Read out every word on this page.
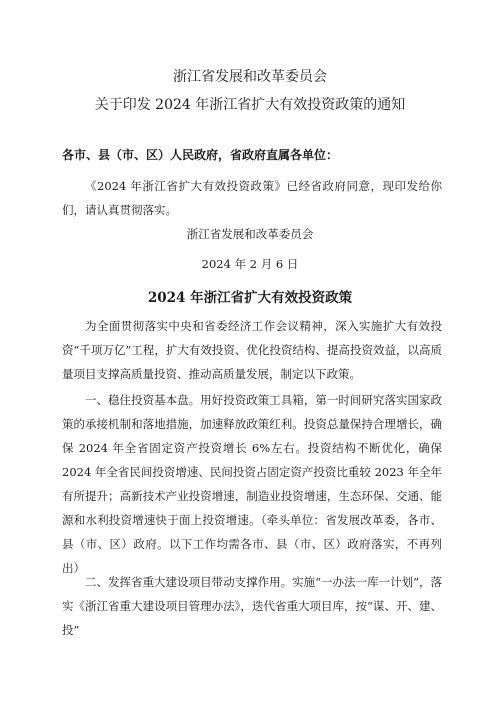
浙江省发展和改革委员会
关于印发 2024 年浙江省扩大有效投资政策的通知
各市、县（市、区）人民政府，省政府直属各单位：

《2024 年浙江省扩大有效投资政策》已经省政府同意，现印发给你们，请认真贯彻落实。

浙江省发展和改革委员会
2024 年 2 月 6 日
2024 年浙江省扩大有效投资政策

为全面贯彻落实中央和省委经济工作会议精神，深入实施扩大有效投资“千项万亿”工程，扩大有效投资、优化投资结构、提高投资效益，以高质量项目支撑高质量投资、推动高质量发展，制定以下政策。

一、稳住投资基本盘。用好投资政策工具箱，第一时间研究落实国家政策的承接机制和落地措施，加速释放政策红利。投资总量保持合理增长，确保 2024 年全省固定资产投资增长 6%左右。投资结构不断优化，确保 2024 年全省民间投资增速、民间投资占固定资产投资比重较 2023 年全年有所提升；高新技术产业投资增速，制造业投资增速，生态环保、交通、能源和水利投资增速快于面上投资增速。（牵头单位：省发展改革委，各市、县（市、区）政府。以下工作均需各市、县（市、区）政府落实，不再列出）

二、发挥省重大建设项目带动支撑作用。实施“一办法一库一计划”，落实《浙江省重大建设项目管理办法》，迭代省重大项目库，按“谋、开、建、投”
